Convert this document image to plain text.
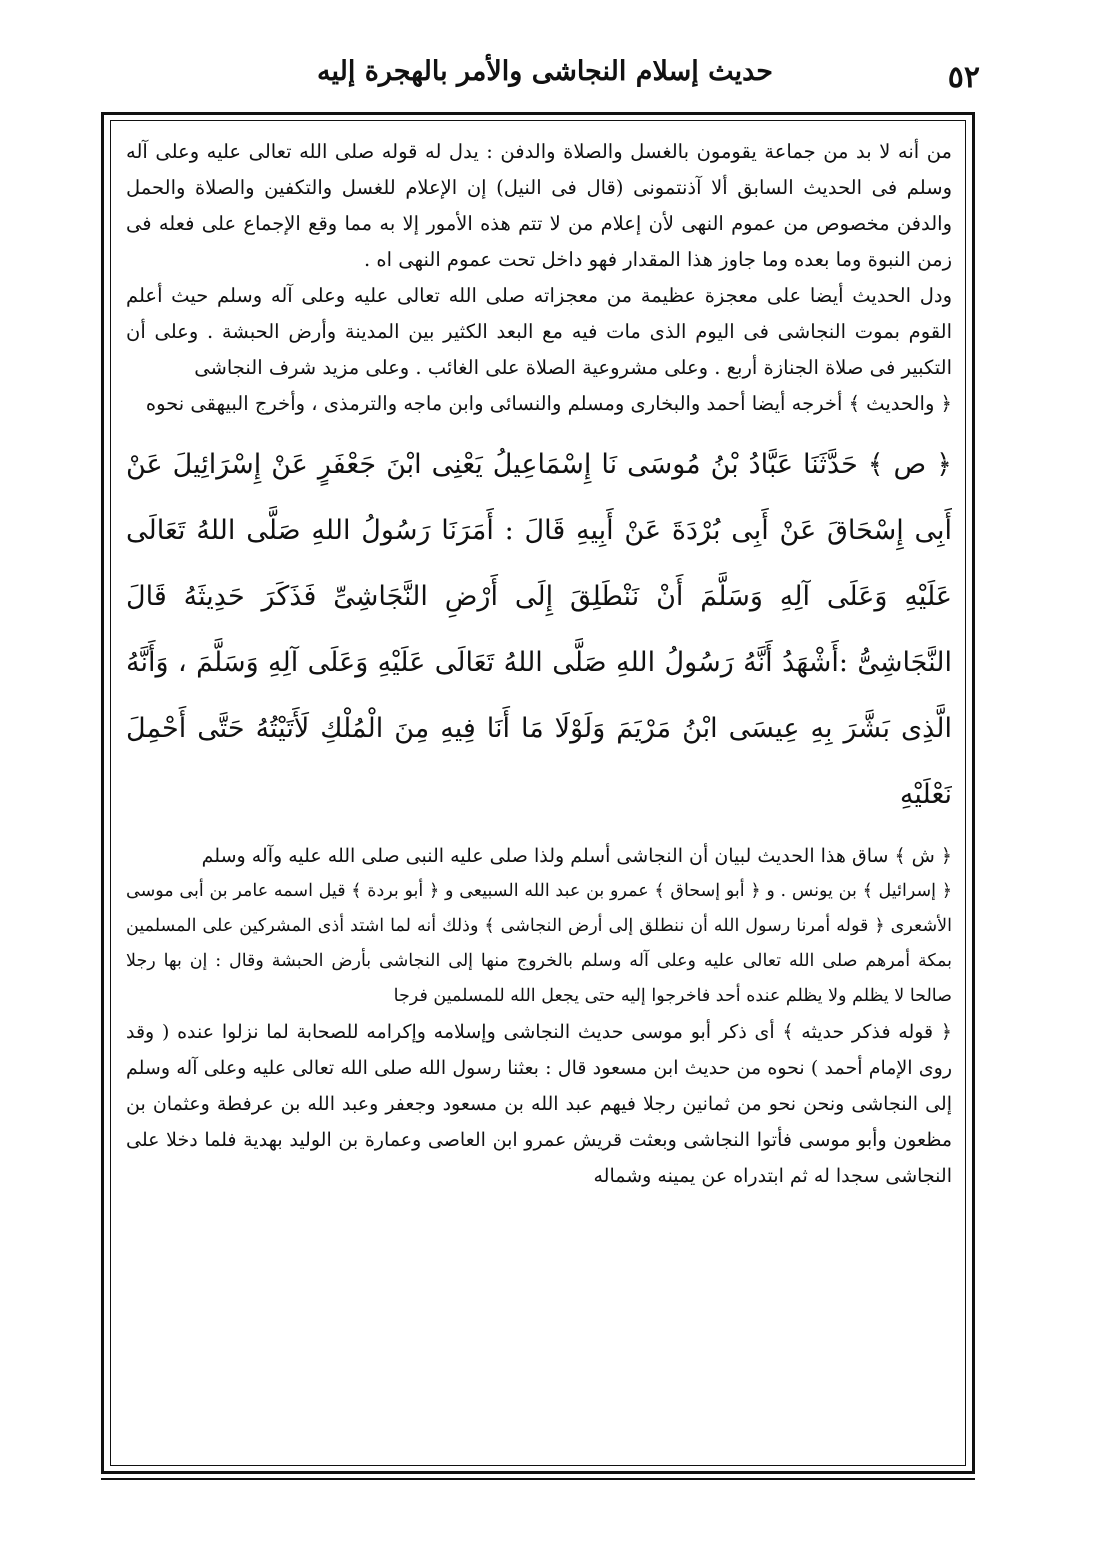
٥٢
حديث إسلام النجاشى والأمر بالهجرة إليه

من أنه لا بد من جماعة يقومون بالغسل والصلاة والدفن : يدل له قوله صلى الله تعالى عليه وعلى آله وسلم فى الحديث السابق ألا آذنتمونى (قال فى النيل) إن الإعلام للغسل والتكفين والصلاة والحمل والدفن مخصوص من عموم النهى لأن إعلام من لا تتم هذه الأمور إلا به مما وقع الإجماع على فعله فى زمن النبوة وما بعده وما جاوز هذا المقدار فهو داخل تحت عموم النهى اه .

ودل الحديث أيضا على معجزة عظيمة من معجزاته صلى الله تعالى عليه وعلى آله وسلم حيث أعلم القوم بموت النجاشى فى اليوم الذى مات فيه مع البعد الكثير بين المدينة وأرض الحبشة . وعلى أن التكبير فى صلاة الجنازة أربع . وعلى مشروعية الصلاة على الغائب . وعلى مزيد شرف النجاشى

﴿ والحديث ﴾ أخرجه أيضا أحمد والبخارى ومسلم والنسائى وابن ماجه والترمذى ، وأخرج البيهقى نحوه

﴿ ص ﴾ حَدَّثَنَا عَبَّادُ بْنُ مُوسَى نَا إِسْمَاعِيلُ يَعْنِى ابْنَ جَعْفَرٍ عَنْ إِسْرَائِيلَ عَنْ أَبِى إِسْحَاقَ عَنْ أَبِى بُرْدَةَ عَنْ أَبِيهِ قَالَ : أَمَرَنَا رَسُولُ اللهِ صَلَّى اللهُ تَعَالَى عَلَيْهِ وَعَلَى آلِهِ وَسَلَّمَ أَنْ نَنْطَلِقَ إِلَى أَرْضِ النَّجَاشِىِّ فَذَكَرَ حَدِيثَهُ قَالَ النَّجَاشِىُّ :أَشْهَدُ أَنَّهُ رَسُولُ اللهِ صَلَّى اللهُ تَعَالَى عَلَيْهِ وَعَلَى آلِهِ وَسَلَّمَ ، وَأَنَّهُ الَّذِى بَشَّرَ بِهِ عِيسَى ابْنُ مَرْيَمَ وَلَوْلَا مَا أَنَا فِيهِ مِنَ الْمُلْكِ لَأَتَيْتُهُ حَتَّى أَحْمِلَ نَعْلَيْهِ

﴿ ش ﴾ ساق هذا الحديث لبيان أن النجاشى أسلم ولذا صلى عليه النبى صلى الله عليه وآله وسلم

﴿ إسرائيل ﴾ بن يونس . و ﴿ أبو إسحاق ﴾ عمرو بن عبد الله السبيعى و ﴿ أبو بردة ﴾ قيل اسمه عامر بن أبى موسى الأشعرى ﴿ قوله أمرنا رسول الله أن ننطلق إلى أرض النجاشى ﴾ وذلك أنه لما اشتد أذى المشركين على المسلمين بمكة أمرهم صلى الله تعالى عليه وعلى آله وسلم بالخروج منها إلى النجاشى بأرض الحبشة وقال : إن بها رجلا صالحا لا يظلم ولا يظلم عنده أحد فاخرجوا إليه حتى يجعل الله للمسلمين فرجا

﴿ قوله فذكر حديثه ﴾ أى ذكر أبو موسى حديث النجاشى وإسلامه وإكرامه للصحابة لما نزلوا عنده ( وقد روى الإمام أحمد ) نحوه من حديث ابن مسعود قال : بعثنا رسول الله صلى الله تعالى عليه وعلى آله وسلم إلى النجاشى ونحن نحو من ثمانين رجلا فيهم عبد الله بن مسعود وجعفر وعبد الله بن عرفطة وعثمان بن مظعون وأبو موسى فأتوا النجاشى وبعثت قريش عمرو ابن العاصى وعمارة بن الوليد بهدية فلما دخلا على النجاشى سجدا له ثم ابتدراه عن يمينه وشماله
